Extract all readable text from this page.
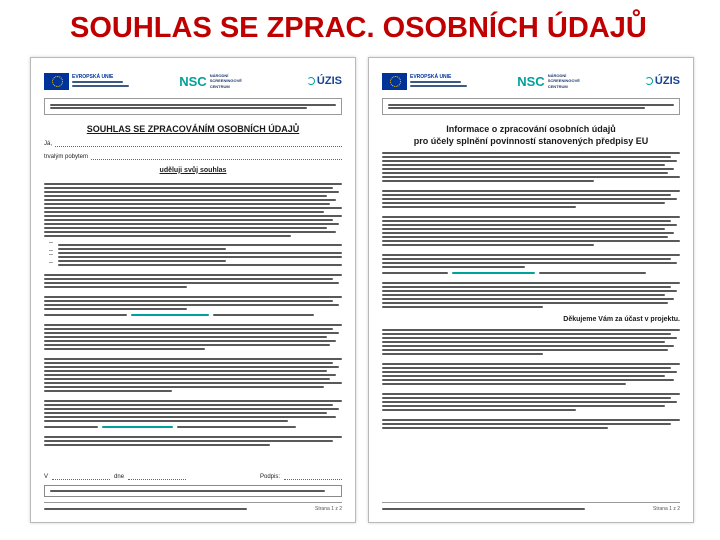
SOUHLAS SE ZPRAC. OSOBNÍCH ÚDAJŮ
EVROPSKÁ UNIE	NSC NÁRODNÍ SCREENINGOVÉ CENTRUM	ÚZIS
SOUHLAS SE ZPRACOVÁNÍM OSOBNÍCH ÚDAJŮ
Já,
trvalým pobytem
uděluji svůj souhlas
–
–
–
–
V	dne	Podpis:
Strana 1 z 2
EVROPSKÁ UNIE	NSC NÁRODNÍ SCREENINGOVÉ CENTRUM	ÚZIS
Informace o zpracování osobních údajů
pro účely splnění povinností stanovených předpisy EU
Děkujeme Vám za účast v projektu.
Strana 1 z 2
